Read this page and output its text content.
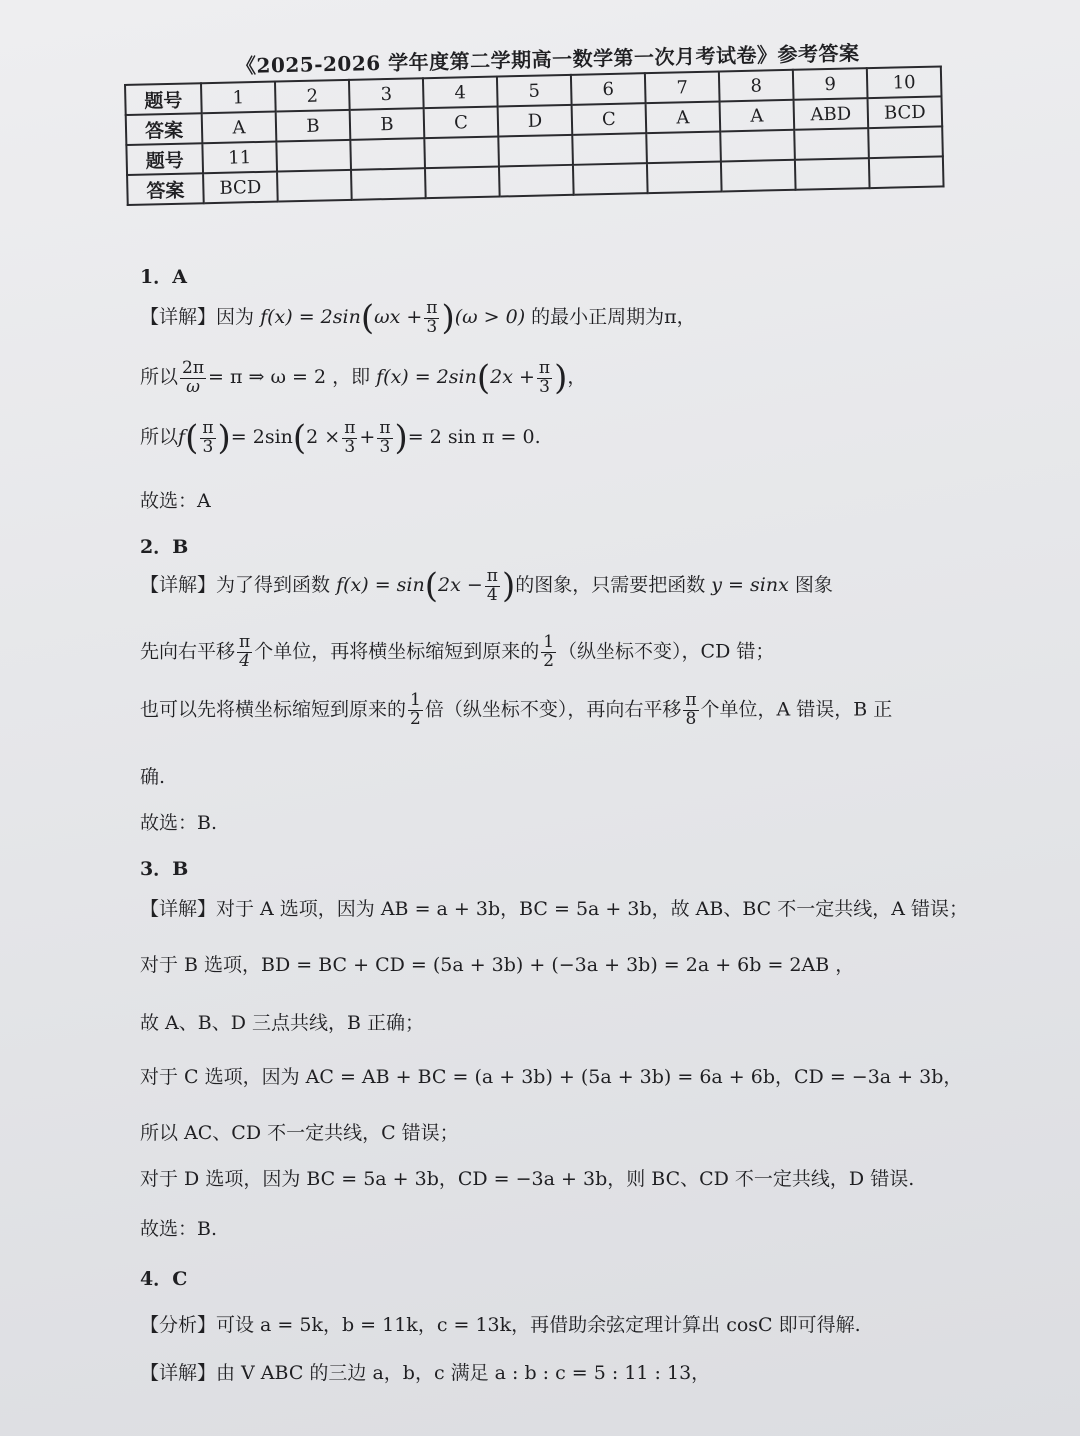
《2025-2026 学年度第二学期高一数学第一次月考试卷》参考答案
题号	1	2	3	4	5	6	7	8	9	10
答案	A	B	B	C	D	C	A	A	ABD	BCD
题号	11									
答案	BCD									
1．A
【详解】因为 $f(x) = 2\sin(\omega x + \frac{\pi}{3} )(\omega > 0)$ 的最小正周期为π，
所以 $\frac{2\pi}{\omega} = \pi$ ⇒ ω = 2 ，即 $f(x) = 2\sin(2x + \frac{\pi}{3}$ )，
所以$f( \frac{\pi}{3}$ )= $2\sin(2 \times \frac{\pi}{3} + \frac{\pi}{3}$ )= 2 sin π = 0.
故选：A
2．B
【详解】为了得到函数 $f(x) = \sin(2x - \frac{\pi}{4}$ )的图象，只需要把函数 y = sinx 图象
先向右平移 $\frac{\pi}{4}$ 个单位，再将横坐标缩短到原来的 $\frac{1}{2}$ （纵坐标不变），CD 错；
也可以先将横坐标缩短到原来的 $\frac{1}{2}$ 倍（纵坐标不变），再向右平移 $\frac{\pi}{8}$ 个单位，A 错误，B 正
确.
故选：B.
3．B
【详解】对于 A 选项，因为 AB = a + 3b，BC = 5a + 3b，故 AB、BC 不一定共线，A 错误；
对于 B 选项，BD = BC + CD = (5a + 3b) + (−3a + 3b) = 2a + 6b = 2AB ，
故 A、B、D 三点共线，B 正确；
对于 C 选项，因为 AC = AB + BC = (a + 3b) + (5a + 3b) = 6a + 6b，CD = −3a + 3b，
所以 AC、CD 不一定共线，C 错误；
对于 D 选项，因为 BC = 5a + 3b，CD = −3a + 3b，则 BC、CD 不一定共线，D 错误.
故选：B.
4．C
【分析】可设 a = 5k，b = 11k，c = 13k，再借助余弦定理计算出 cosC 即可得解.
【详解】由 V ABC 的三边 a，b，c 满足 a : b : c = 5 : 11 : 13，
